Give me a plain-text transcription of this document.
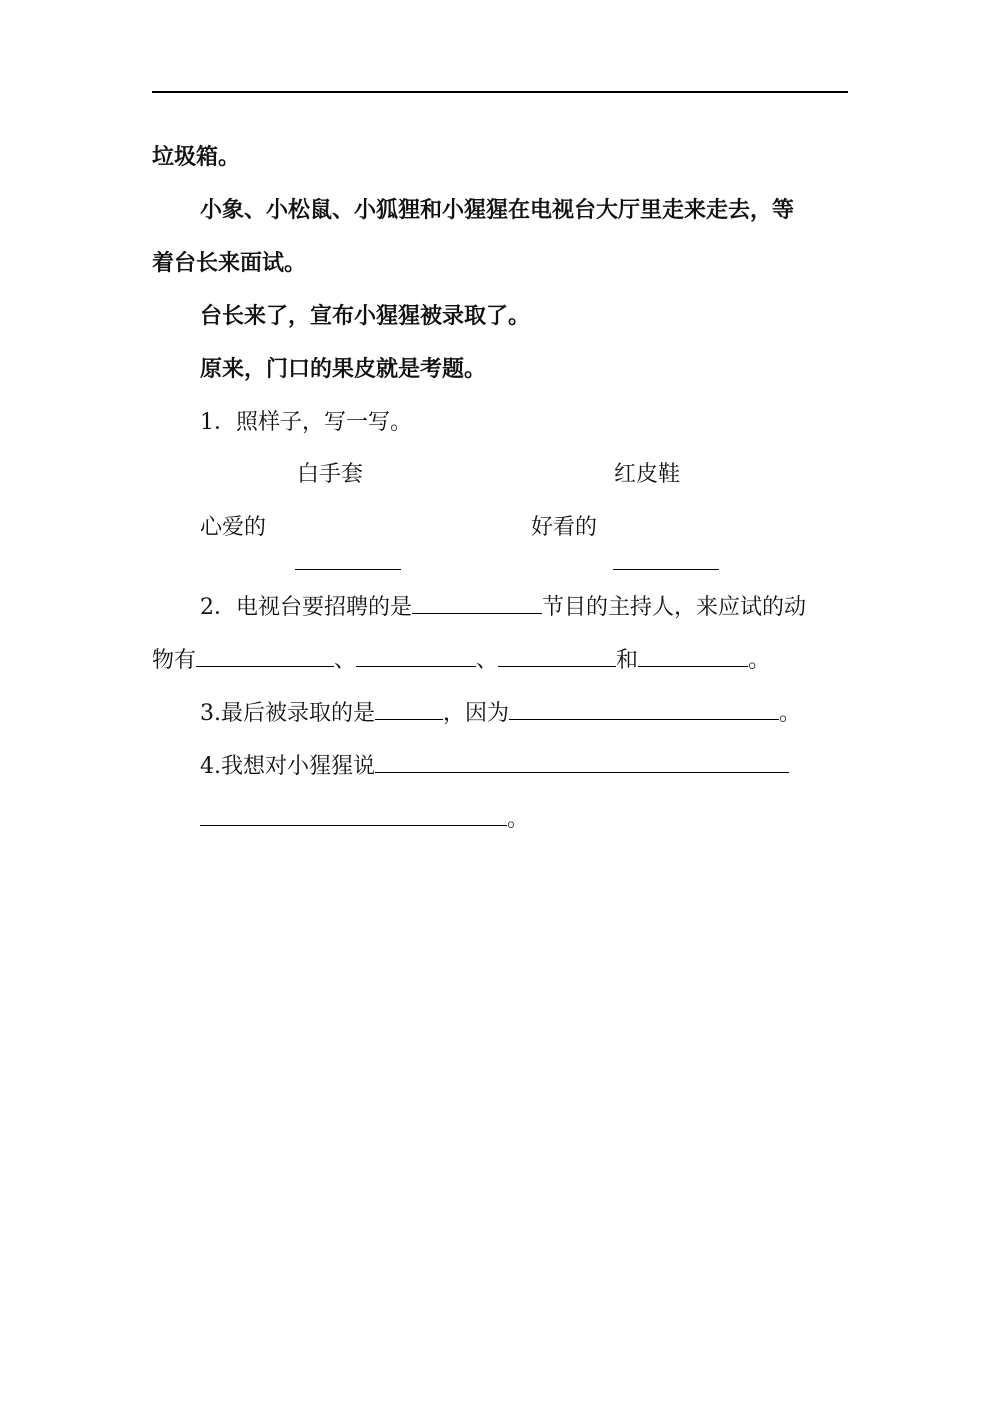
垃圾箱。
小象、小松鼠、小狐狸和小猩猩在电视台大厅里走来走去，等
着台长来面试。
台长来了，宣布小猩猩被录取了。
原来，门口的果皮就是考题。
1．照样子，写一写。
白手套	红皮鞋
心爱的	好看的
2．电视台要招聘的是	节目的主持人，来应试的动
物有	、	、	和	。
3.最后被录取的是	，因为	。
4.我想对小猩猩说
。
